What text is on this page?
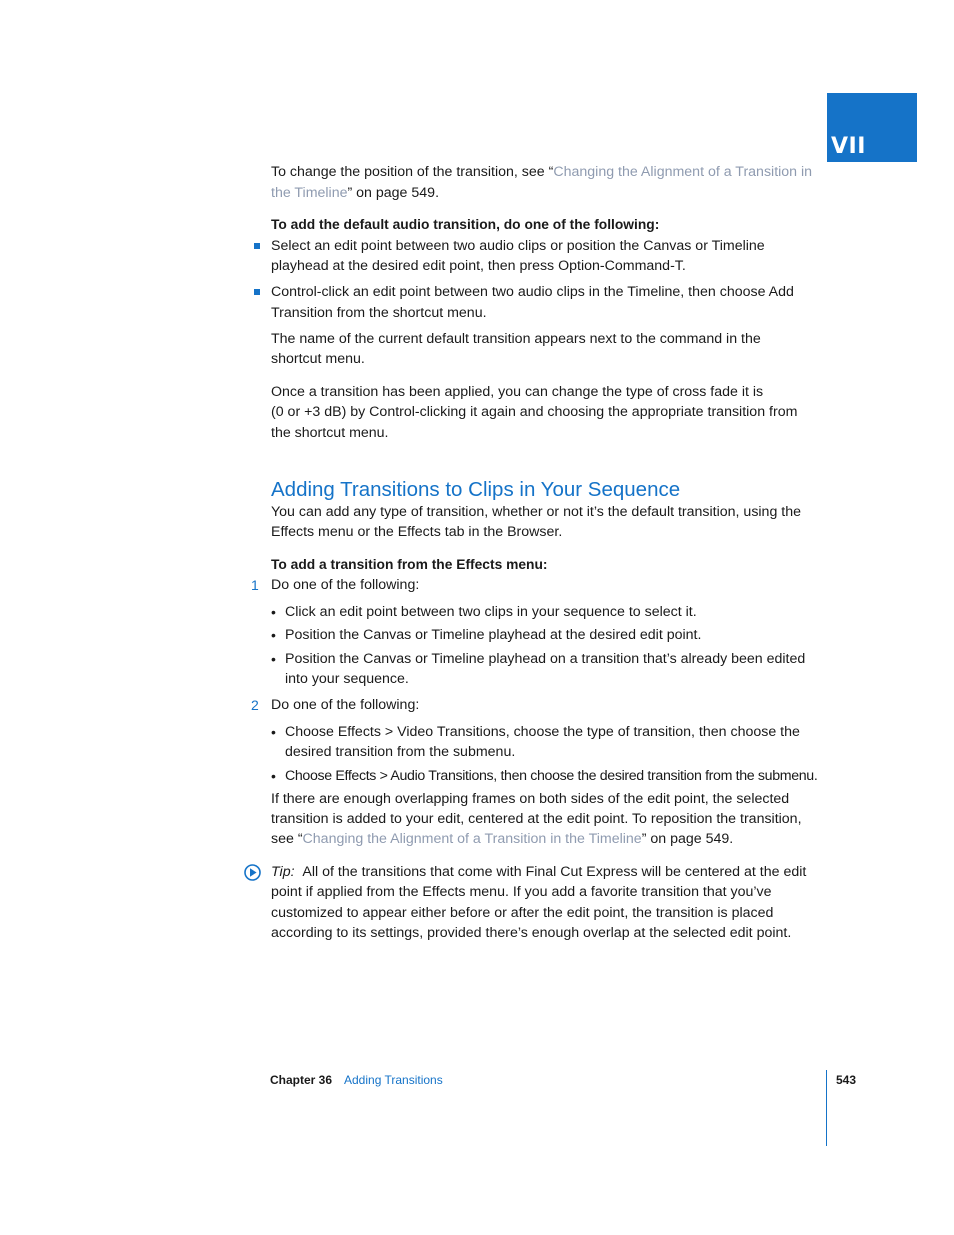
VII

To change the position of the transition, see “Changing the Alignment of a Transition in

the Timeline” on page 549.

To add the default audio transition, do one of the following:

Select an edit point between two audio clips or position the Canvas or Timeline

playhead at the desired edit point, then press Option-Command-T.

Control-click an edit point between two audio clips in the Timeline, then choose Add

Transition from the shortcut menu.

The name of the current default transition appears next to the command in the

shortcut menu.

Once a transition has been applied, you can change the type of cross fade it is

(0 or +3 dB) by Control-clicking it again and choosing the appropriate transition from

the shortcut menu.

Adding Transitions to Clips in Your Sequence

You can add any type of transition, whether or not it’s the default transition, using the

Effects menu or the Effects tab in the Browser.

To add a transition from the Effects menu:

1 Do one of the following:

• Click an edit point between two clips in your sequence to select it.

• Position the Canvas or Timeline playhead at the desired edit point.

• Position the Canvas or Timeline playhead on a transition that’s already been edited

into your sequence.

2 Do one of the following:

• Choose Effects > Video Transitions, choose the type of transition, then choose the

desired transition from the submenu.

• Choose Effects > Audio Transitions, then choose the desired transition from the submenu.

If there are enough overlapping frames on both sides of the edit point, the selected

transition is added to your edit, centered at the edit point. To reposition the transition,

see “Changing the Alignment of a Transition in the Timeline” on page 549.

Tip: All of the transitions that come with Final Cut Express will be centered at the edit

point if applied from the Effects menu. If you add a favorite transition that you’ve

customized to appear either before or after the edit point, the transition is placed

according to its settings, provided there’s enough overlap at the selected edit point.

Chapter 36 Adding Transitions	543
